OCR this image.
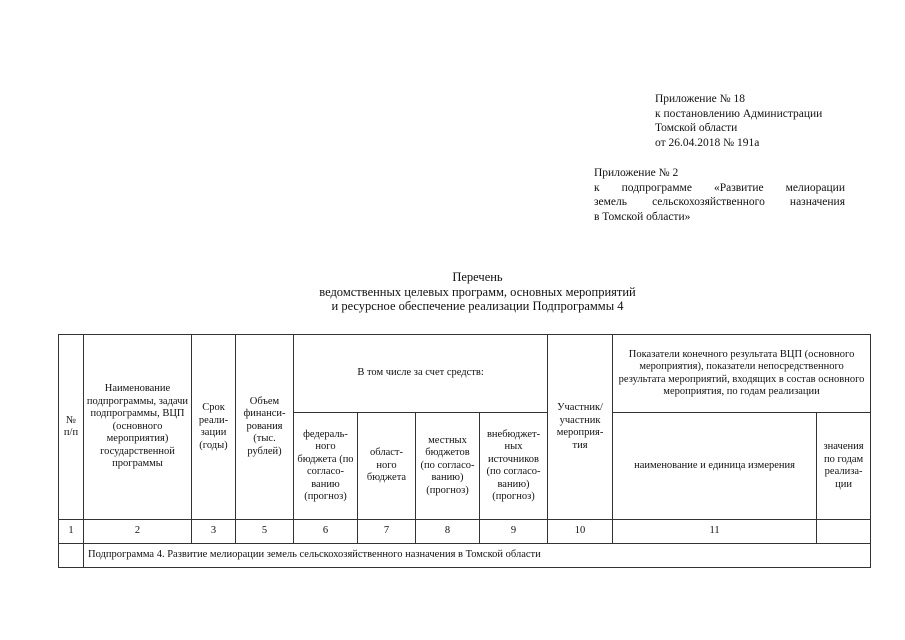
Приложение № 18
к постановлению Администрации
Томской области
от 26.04.2018 № 191а
Приложение № 2
к подпрограмме «Развитие мелиорации
земель сельскохозяйственного назначения
в Томской области»
Перечень
ведомственных целевых программ, основных мероприятий
и ресурсное обеспечение реализации Подпрограммы 4
№ п/п	Наименование подпрограммы, задачи подпрограммы, ВЦП (основного мероприятия) государственной программы	Срок реали-зации (годы)	Объем финанси-рования (тыс. рублей)	В том числе за счет средств:				Участник/ участник мероприя-тия	Показатели конечного результата ВЦП (основного мероприятия), показатели непосредственного результата мероприятий, входящих в состав основного мероприятия, по годам реализации	
				федераль-ного бюджета (по согласо-ванию (прогноз)	област-ного бюджета	местных бюджетов (по согласо-ванию) (прогноз)	внебюджет-ных источников (по согласо-ванию) (прогноз)		наименование и единица измерения	значения по годам реализа-ции
1	2	3	5	6	7	8	9	10	11	
	Подпрограмма 4. Развитие мелиорации земель сельскохозяйственного назначения в Томской области									
